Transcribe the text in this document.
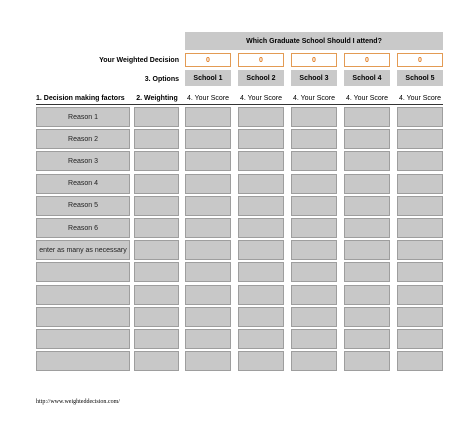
Which Graduate School Should I attend?
Your Weighted Decision
3. Options
1. Decision making factors	2. Weighting
0
School 1
4. Your Score
0
School 2
4. Your Score
0
School 3
4. Your Score
0
School 4
4. Your Score
0
School 5
4. Your Score
Reason 1
Reason 2
Reason 3
Reason 4
Reason 5
Reason 6
enter as many as necessary
http://www.weighteddecision.com/
